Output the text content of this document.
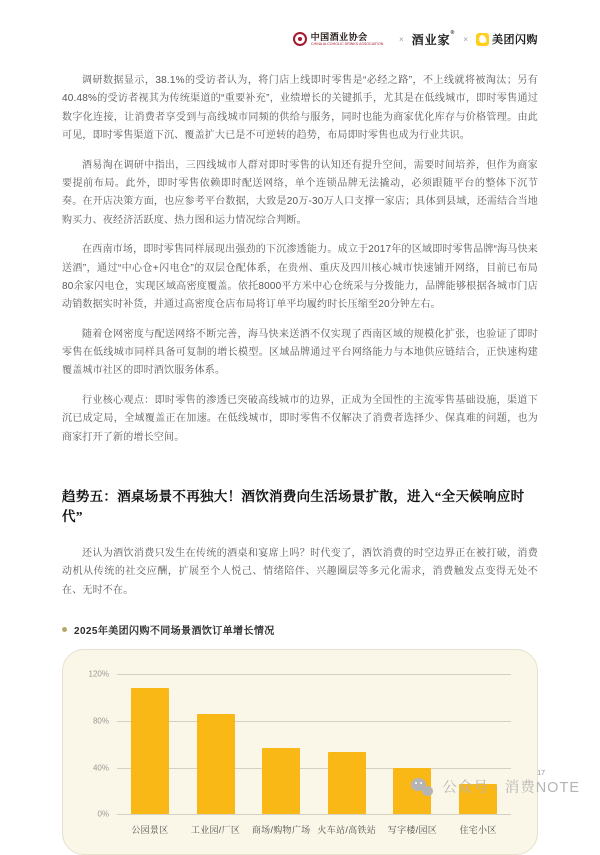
中国酒业协会
CHINA ALCOHOLIC DRINKS ASSOCIATION × 酒业家®
× 美团闪购

调研数据显示，38.1%的受访者认为，将门店上线即时零售是“必经之路”，不上线就将被淘汰；另有40.48%的受访者视其为传统渠道的“重要补充”，业绩增长的关键抓手，尤其是在低线城市，即时零售通过数字化连接，让消费者享受到与高线城市同频的供给与服务，同时也能为商家优化库存与价格管理。由此可见，即时零售渠道下沉、覆盖扩大已是不可逆转的趋势，布局即时零售也成为行业共识。

酒易淘在调研中指出，三四线城市人群对即时零售的认知还有提升空间，需要时间培养，但作为商家要提前布局。此外，即时零售依赖即时配送网络，单个连锁品牌无法撬动，必须跟随平台的整体下沉节奏。在开店决策方面，也应参考平台数据，大致是20万-30万人口支撑一家店；具体到县域，还需结合当地购买力、夜经济活跃度、热力图和运力情况综合判断。

在西南市场，即时零售同样展现出强劲的下沉渗透能力。成立于2017年的区域即时零售品牌“海马快来送酒”，通过“中心仓+闪电仓”的双层仓配体系，在贵州、重庆及四川核心城市快速铺开网络，目前已布局80余家闪电仓，实现区域高密度覆盖。依托8000平方米中心仓统采与分拨能力，品牌能够根据各城市门店动销数据实时补货，并通过高密度仓店布局将订单平均履约时长压缩至20分钟左右。

随着仓网密度与配送网络不断完善，海马快来送酒不仅实现了西南区域的规模化扩张，也验证了即时零售在低线城市同样具备可复制的增长模型。区域品牌通过平台网络能力与本地供应链结合，正快速构建覆盖城市社区的即时酒饮服务体系。

行业核心观点：即时零售的渗透已突破高线城市的边界，正成为全国性的主流零售基础设施，渠道下沉已成定局，全域覆盖正在加速。在低线城市，即时零售不仅解决了消费者选择少、保真难的问题，也为商家打开了新的增长空间。

趋势五：酒桌场景不再独大！酒饮消费向生活场景扩散，进入“全天候响应时代”

还认为酒饮消费只发生在传统的酒桌和宴席上吗？时代变了，酒饮消费的时空边界正在被打破，消费动机从传统的社交应酬，扩展至个人悦己、情绪陪伴、兴趣圈层等多元化需求，消费触发点变得无处不在、无时不在。

2025年美团闪购不同场景酒饮订单增长情况
120%
80%
40%
0%
公园景区 工业园/厂区 商场/购物广场 火车站/高铁站 写字楼/园区 住宅小区
公众号 · 消费NOTE
17
